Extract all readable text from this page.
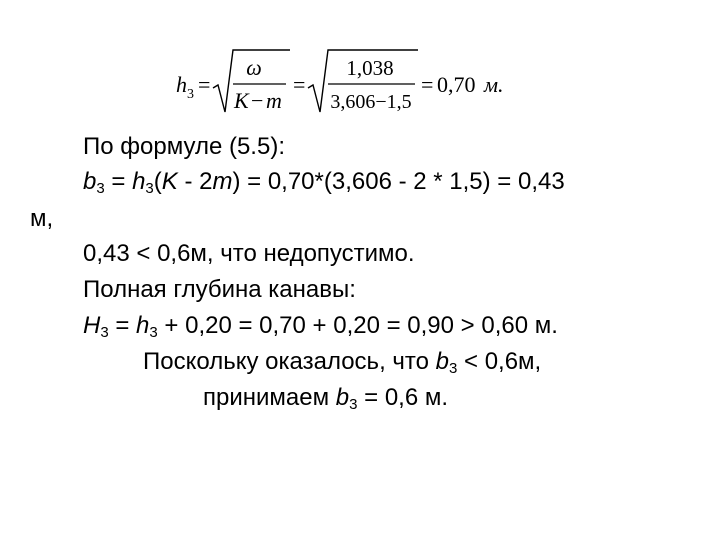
h 3 =
ω
K − m
=
1,038
3,606−1,5
= 0,70 м.
По формуле (5.5):
$b_3 = h_3(K - 2m) = 0,70*(3,606 - 2 * 1,5) = 0,43$
м,
0,43 < 0,6м, что недопустимо.
Полная глубина канавы:
$H_3 = h_3 + 0,20 = 0,70 + 0,20 = 0,90 > 0,60$ м.
Поскольку оказалось, что $b_3 < 0,6м$,
принимаем $b_3 = 0,6$ м.
